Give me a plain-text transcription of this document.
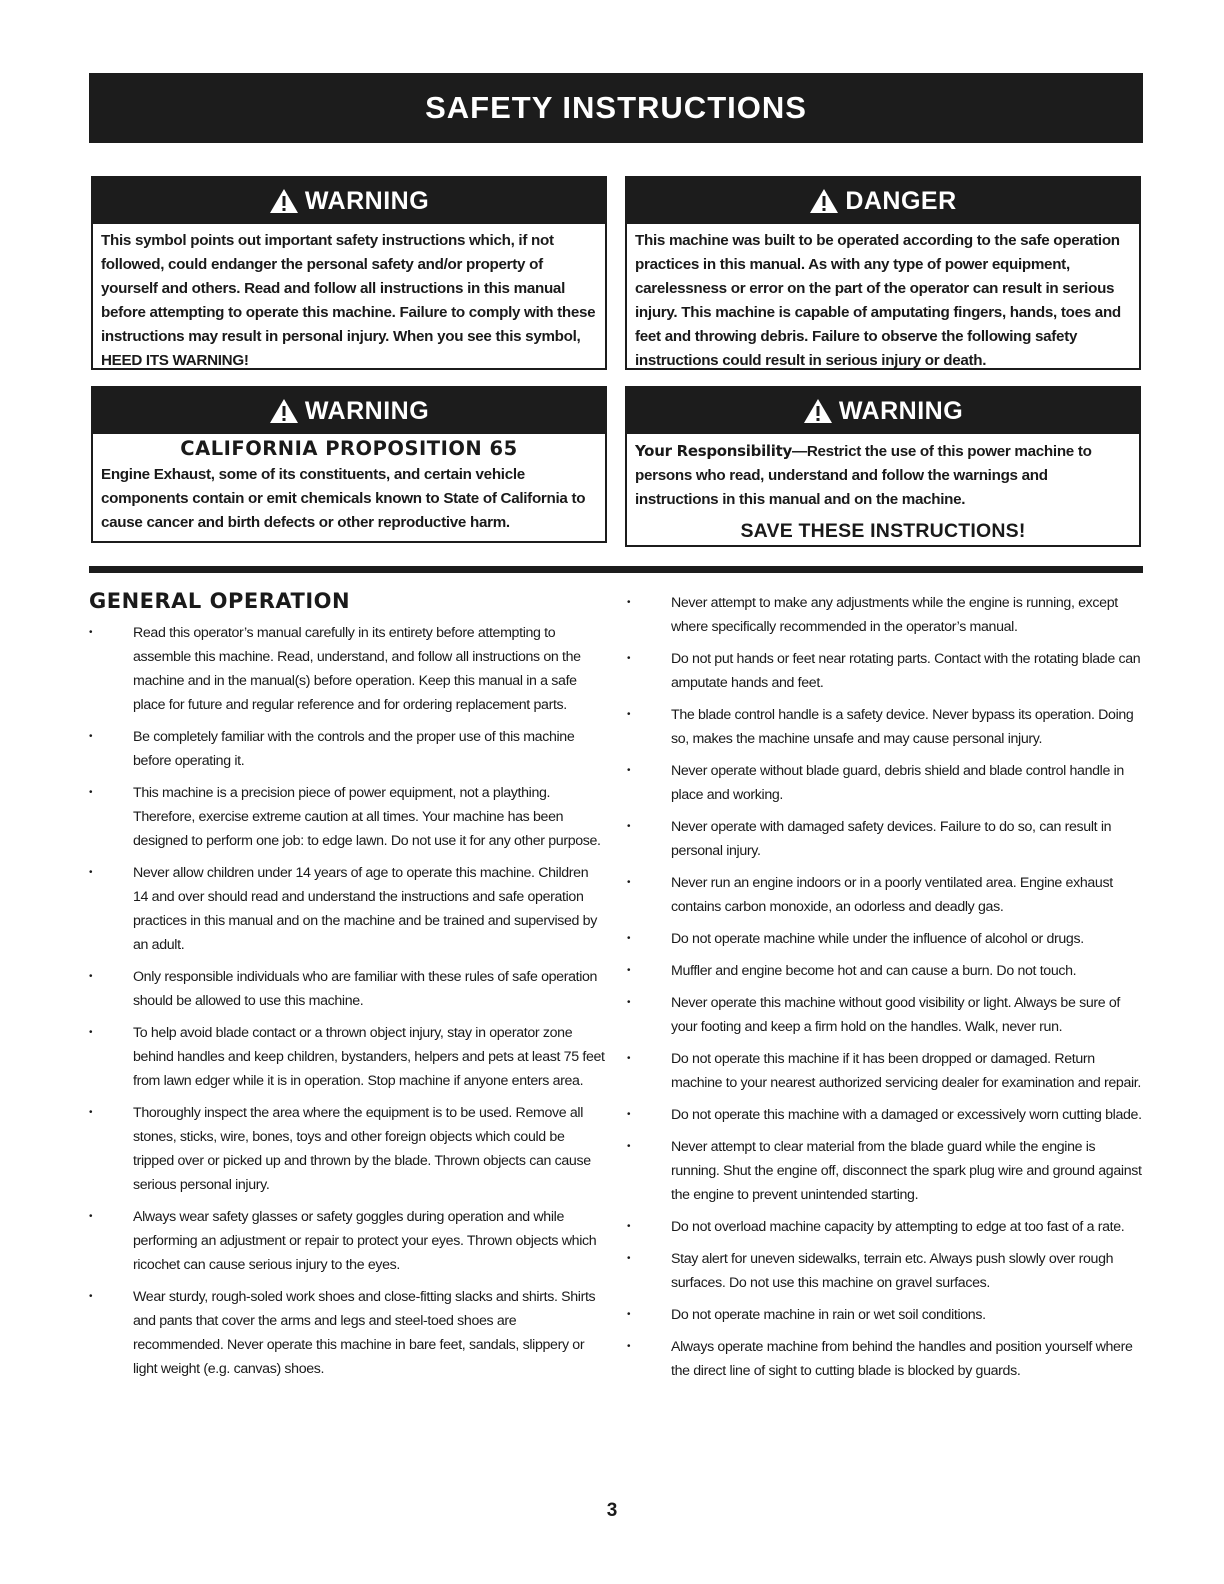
SAFETY INSTRUCTIONS
WARNING
This symbol points out important safety instructions which, if not followed, could endanger the personal safety and/or property of yourself and others. Read and follow all instructions in this manual before attempting to operate this machine. Failure to comply with these instructions may result in personal injury. When you see this symbol, HEED ITS WARNING!
DANGER
This machine was built to be operated according to the safe operation practices in this manual. As with any type of power equipment, carelessness or error on the part of the operator can result in serious injury. This machine is capable of amputating fingers, hands, toes and feet and throwing debris. Failure to observe the following safety instructions could result in serious injury or death.
WARNING
CALIFORNIA PROPOSITION 65
Engine Exhaust, some of its constituents, and certain vehicle components contain or emit chemicals known to State of California to cause cancer and birth defects or other reproductive harm.
WARNING
Your Responsibility—Restrict the use of this power machine to persons who read, understand and follow the warnings and instructions in this manual and on the machine.
SAVE THESE INSTRUCTIONS!
GENERAL OPERATION
• Read this operator’s manual carefully in its entirety before attempting to assemble this machine. Read, understand, and follow all instructions on the machine and in the manual(s) before operation. Keep this manual in a safe place for future and regular reference and for ordering replacement parts.
• Be completely familiar with the controls and the proper use of this machine before operating it.
• This machine is a precision piece of power equipment, not a plaything. Therefore, exercise extreme caution at all times. Your machine has been designed to perform one job: to edge lawn. Do not use it for any other purpose.
• Never allow children under 14 years of age to operate this machine. Children 14 and over should read and understand the instructions and safe operation practices in this manual and on the machine and be trained and supervised by an adult.
• Only responsible individuals who are familiar with these rules of safe operation should be allowed to use this machine.
• To help avoid blade contact or a thrown object injury, stay in operator zone behind handles and keep children, bystanders, helpers and pets at least 75 feet from lawn edger while it is in operation. Stop machine if anyone enters area.
• Thoroughly inspect the area where the equipment is to be used. Remove all stones, sticks, wire, bones, toys and other foreign objects which could be tripped over or picked up and thrown by the blade. Thrown objects can cause serious personal injury.
• Always wear safety glasses or safety goggles during operation and while performing an adjustment or repair to protect your eyes. Thrown objects which ricochet can cause serious injury to the eyes.
• Wear sturdy, rough-soled work shoes and close-fitting slacks and shirts. Shirts and pants that cover the arms and legs and steel-toed shoes are recommended. Never operate this machine in bare feet, sandals, slippery or light weight (e.g. canvas) shoes.
• Never attempt to make any adjustments while the engine is running, except where specifically recommended in the operator’s manual.
• Do not put hands or feet near rotating parts. Contact with the rotating blade can amputate hands and feet.
• The blade control handle is a safety device. Never bypass its operation. Doing so, makes the machine unsafe and may cause personal injury.
• Never operate without blade guard, debris shield and blade control handle in place and working.
• Never operate with damaged safety devices. Failure to do so, can result in personal injury.
• Never run an engine indoors or in a poorly ventilated area. Engine exhaust contains carbon monoxide, an odorless and deadly gas.
• Do not operate machine while under the influence of alcohol or drugs.
• Muffler and engine become hot and can cause a burn. Do not touch.
• Never operate this machine without good visibility or light. Always be sure of your footing and keep a firm hold on the handles. Walk, never run.
• Do not operate this machine if it has been dropped or damaged. Return machine to your nearest authorized servicing dealer for examination and repair.
• Do not operate this machine with a damaged or excessively worn cutting blade.
• Never attempt to clear material from the blade guard while the engine is running. Shut the engine off, disconnect the spark plug wire and ground against the engine to prevent unintended starting.
• Do not overload machine capacity by attempting to edge at too fast of a rate.
• Stay alert for uneven sidewalks, terrain etc. Always push slowly over rough surfaces. Do not use this machine on gravel surfaces.
• Do not operate machine in rain or wet soil conditions.
• Always operate machine from behind the handles and position yourself where the direct line of sight to cutting blade is blocked by guards.
3
